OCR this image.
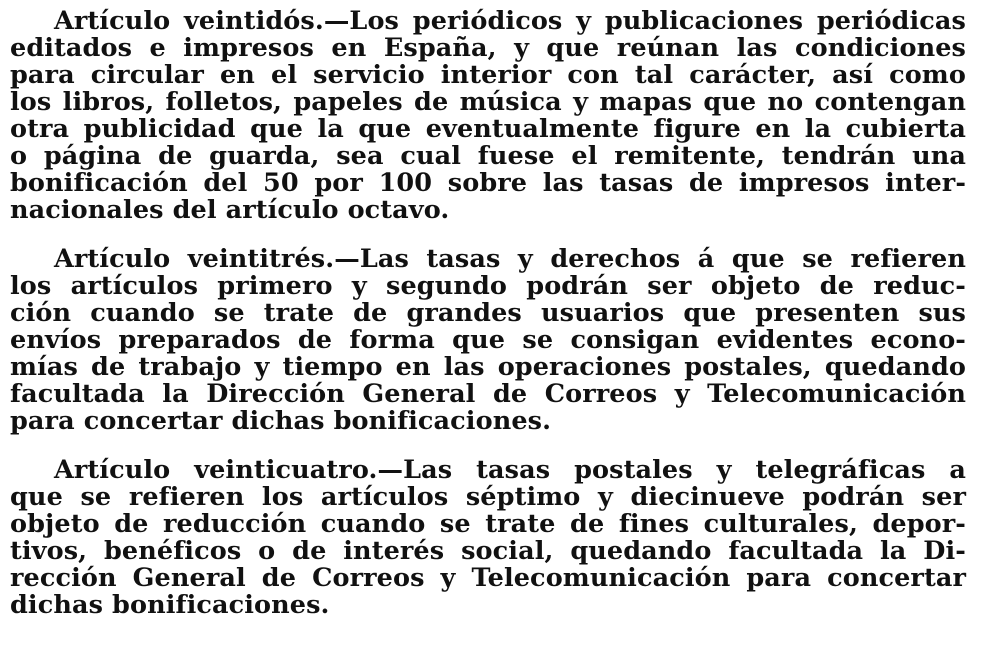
Artículo veintidós.—Los periódicos y publicaciones periódicas
editados e impresos en España, y que reúnan las condiciones
para circular en el servicio interior con tal carácter, así como
los libros, folletos, papeles de música y mapas que no contengan
otra publicidad que la que eventualmente figure en la cubierta
o página de guarda, sea cual fuese el remitente, tendrán una
bonificación del 50 por 100 sobre las tasas de impresos inter-
nacionales del artículo octavo.
Artículo veintitrés.—Las tasas y derechos á que se refieren
los artículos primero y segundo podrán ser objeto de reduc-
ción cuando se trate de grandes usuarios que presenten sus
envíos preparados de forma que se consigan evidentes econo-
mías de trabajo y tiempo en las operaciones postales, quedando
facultada la Dirección General de Correos y Telecomunicación
para concertar dichas bonificaciones.
Artículo veinticuatro.—Las tasas postales y telegráficas a
que se refieren los artículos séptimo y diecinueve podrán ser
objeto de reducción cuando se trate de fines culturales, depor-
tivos, benéficos o de interés social, quedando facultada la Di-
rección General de Correos y Telecomunicación para concertar
dichas bonificaciones.
